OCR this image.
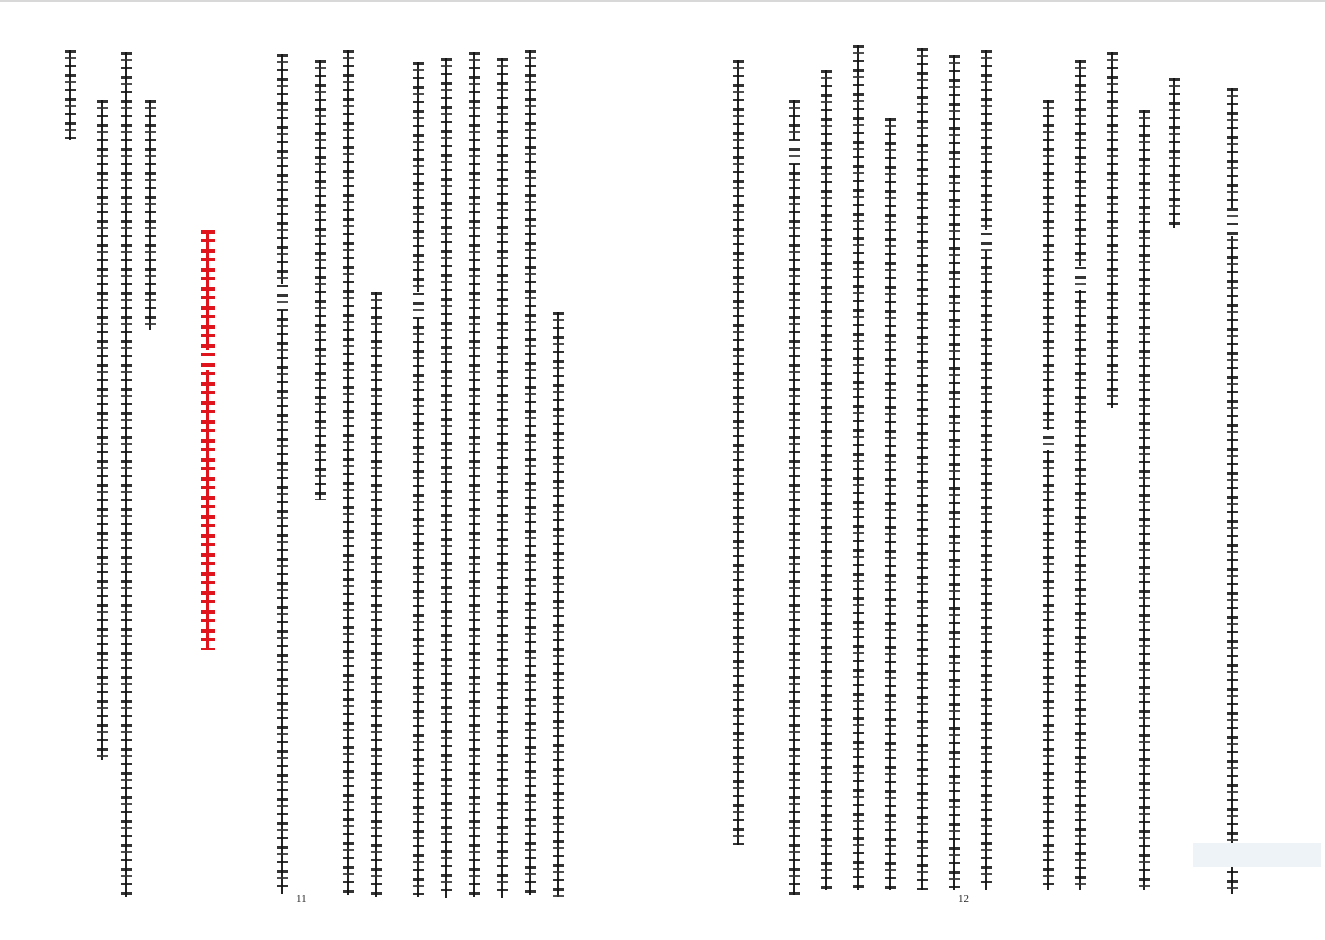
12
11
